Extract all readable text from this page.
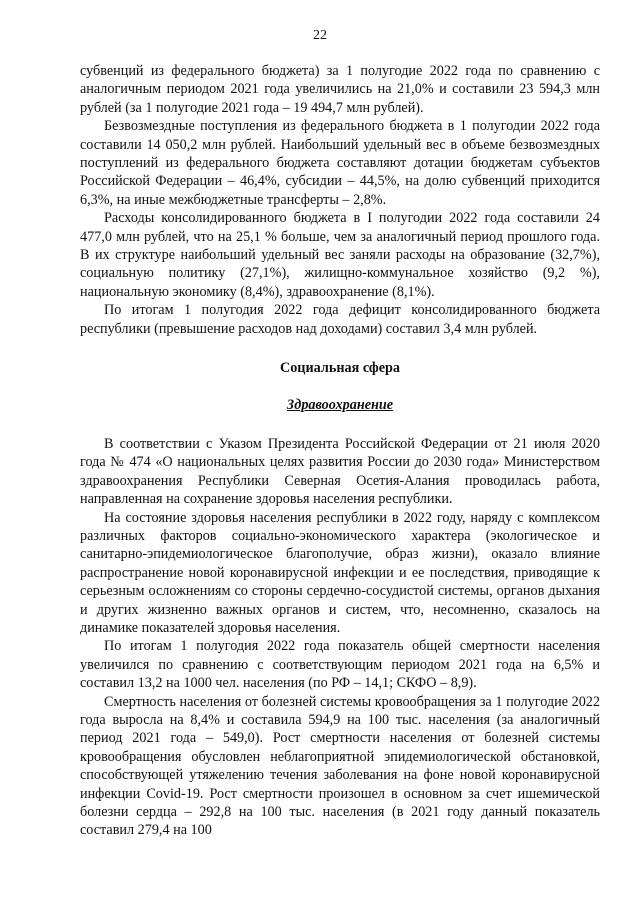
22

субвенций из федерального бюджета) за 1 полугодие 2022 года по сравнению с аналогичным периодом 2021 года увеличились на 21,0% и составили 23 594,3 млн рублей (за 1 полугодие 2021 года – 19 494,7 млн рублей).

Безвозмездные поступления из федерального бюджета в 1 полугодии 2022 года составили 14 050,2 млн рублей. Наибольший удельный вес в объеме безвозмездных поступлений из федерального бюджета составляют дотации бюджетам субъектов Российской Федерации – 46,4%, субсидии – 44,5%, на долю субвенций приходится 6,3%, на иные межбюджетные трансферты – 2,8%.

Расходы консолидированного бюджета в I полугодии 2022 года составили 24 477,0 млн рублей, что на 25,1 % больше, чем за аналогичный период прошлого года. В их структуре наибольший удельный вес заняли расходы на образование (32,7%), социальную политику (27,1%), жилищно-коммунальное хозяйство (9,2 %), национальную экономику (8,4%), здравоохранение (8,1%).

По итогам 1 полугодия 2022 года дефицит консолидированного бюджета республики (превышение расходов над доходами) составил 3,4 млн рублей.

Социальная сфера

Здравоохранение

В соответствии с Указом Президента Российской Федерации от 21 июля 2020 года № 474 «О национальных целях развития России до 2030 года» Министерством здравоохранения Республики Северная Осетия-Алания проводилась работа, направленная на сохранение здоровья населения республики.

На состояние здоровья населения республики в 2022 году, наряду с комплексом различных факторов социально-экономического характера (экологическое и санитарно-эпидемиологическое благополучие, образ жизни), оказало влияние распространение новой коронавирусной инфекции и ее последствия, приводящие к серьезным осложнениям со стороны сердечно-сосудистой системы, органов дыхания и других жизненно важных органов и систем, что, несомненно, сказалось на динамике показателей здоровья населения.

По итогам 1 полугодия 2022 года показатель общей смертности населения увеличился по сравнению с соответствующим периодом 2021 года на 6,5% и составил 13,2 на 1000 чел. населения (по РФ – 14,1; СКФО – 8,9).

Смертность населения от болезней системы кровообращения за 1 полугодие 2022 года выросла на 8,4% и составила 594,9 на 100 тыс. населения (за аналогичный период 2021 года – 549,0). Рост смертности населения от болезней системы кровообращения обусловлен неблагоприятной эпидемиологической обстановкой, способствующей утяжелению течения заболевания на фоне новой коронавирусной инфекции Covid-19. Рост смертности произошел в основном за счет ишемической болезни сердца – 292,8 на 100 тыс. населения (в 2021 году данный показатель составил 279,4 на 100
